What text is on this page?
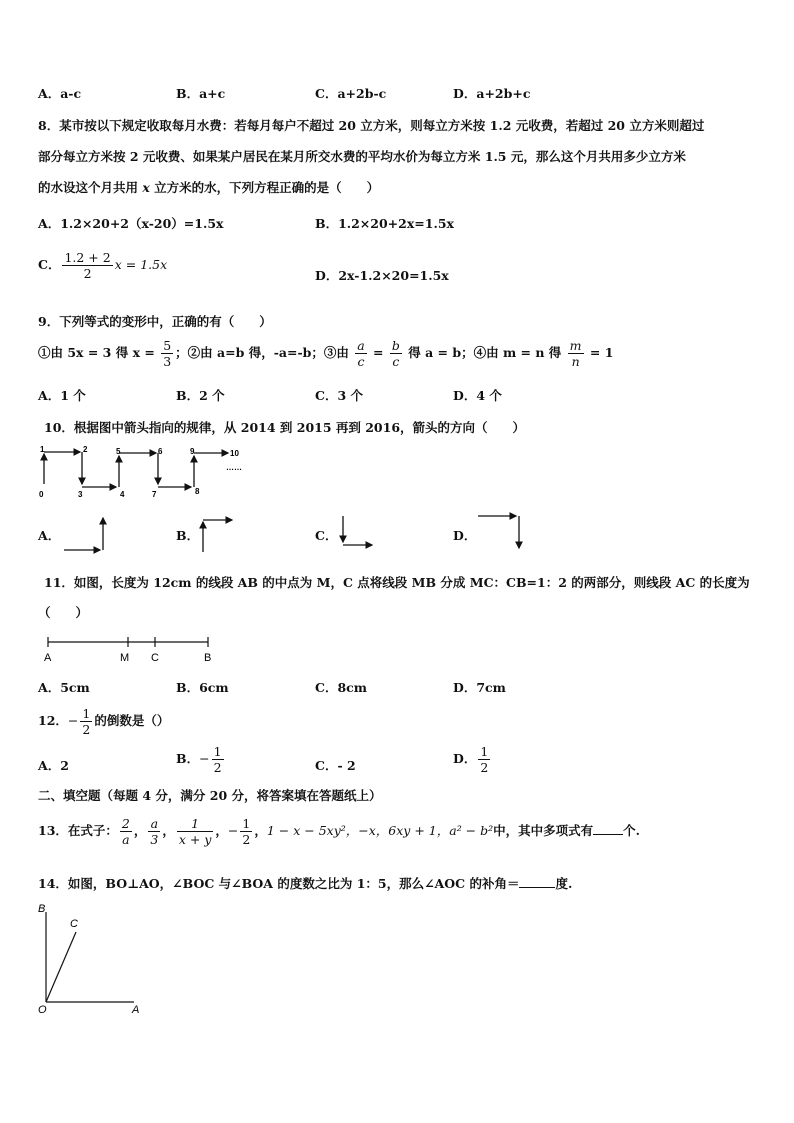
A．a-c	B．a+c	C．a+2b-c	D．a+2b+c
8．某市按以下规定收取每月水费：若每月每户不超过 20 立方米，则每立方米按 1.2 元收费，若超过 20 立方米则超过
部分每立方米按 2 元收费、如果某户居民在某月所交水费的平均水价为每立方米 1.5 元，那么这个月共用多少立方米
的水设这个月共用 x 立方米的水，下列方程正确的是（　　）
A．1.2×20+2（x-20）=1.5x	B．1.2×20+2x=1.5x
C． $\frac{1.2 + 2}{2}$ x = 1.5x
D．2x-1.2×20=1.5x
9．下列等式的变形中，正确的有（　　）
①由 5x = 3 得 $x = \frac{5}{3}$ ；②由 a=b 得，-a=-b；③由 $\frac{a}{c} = \frac{b}{c}$ 得 a = b；④由 m = n 得 $\frac{m}{n} = 1$
A．1 个	B．2 个	C．3 个	D．4 个
10．根据图中箭头指向的规律，从 2014 到 2015 再到 2016，箭头的方向（　　）
0
1	2
3	4
5	6
7	8
9	10
……
A．	B．	C．	D．
11．如图，长度为 12cm 的线段 AB 的中点为 M，C 点将线段 MB 分成 MC：CB=1：2 的两部分，则线段 AC 的长度为
（　　）
A	M C	B
A．5cm	B．6cm	C．8cm	D．7cm
12．− $\frac{1}{2}$ 的倒数是（）
A．2	B．− $\frac{1}{2}$	C．- 2	D． $\frac{1}{2}$
二、填空题（每题 4 分，满分 20 分，将答案填在答题纸上）
13．在式子： $\frac{2}{a}$ ， $\frac{a}{3}$ ， $\frac{1}{x + y}$ ，− $\frac{1}{2}$ ，1 − x − 5xy²，−x，6xy + 1，a² − b²中，其中多项式有 个.
14．如图，BO⊥AO，∠BOC 与∠BOA 的度数之比为 1：5，那么∠AOC 的补角＝	度.
B
C
O	A
